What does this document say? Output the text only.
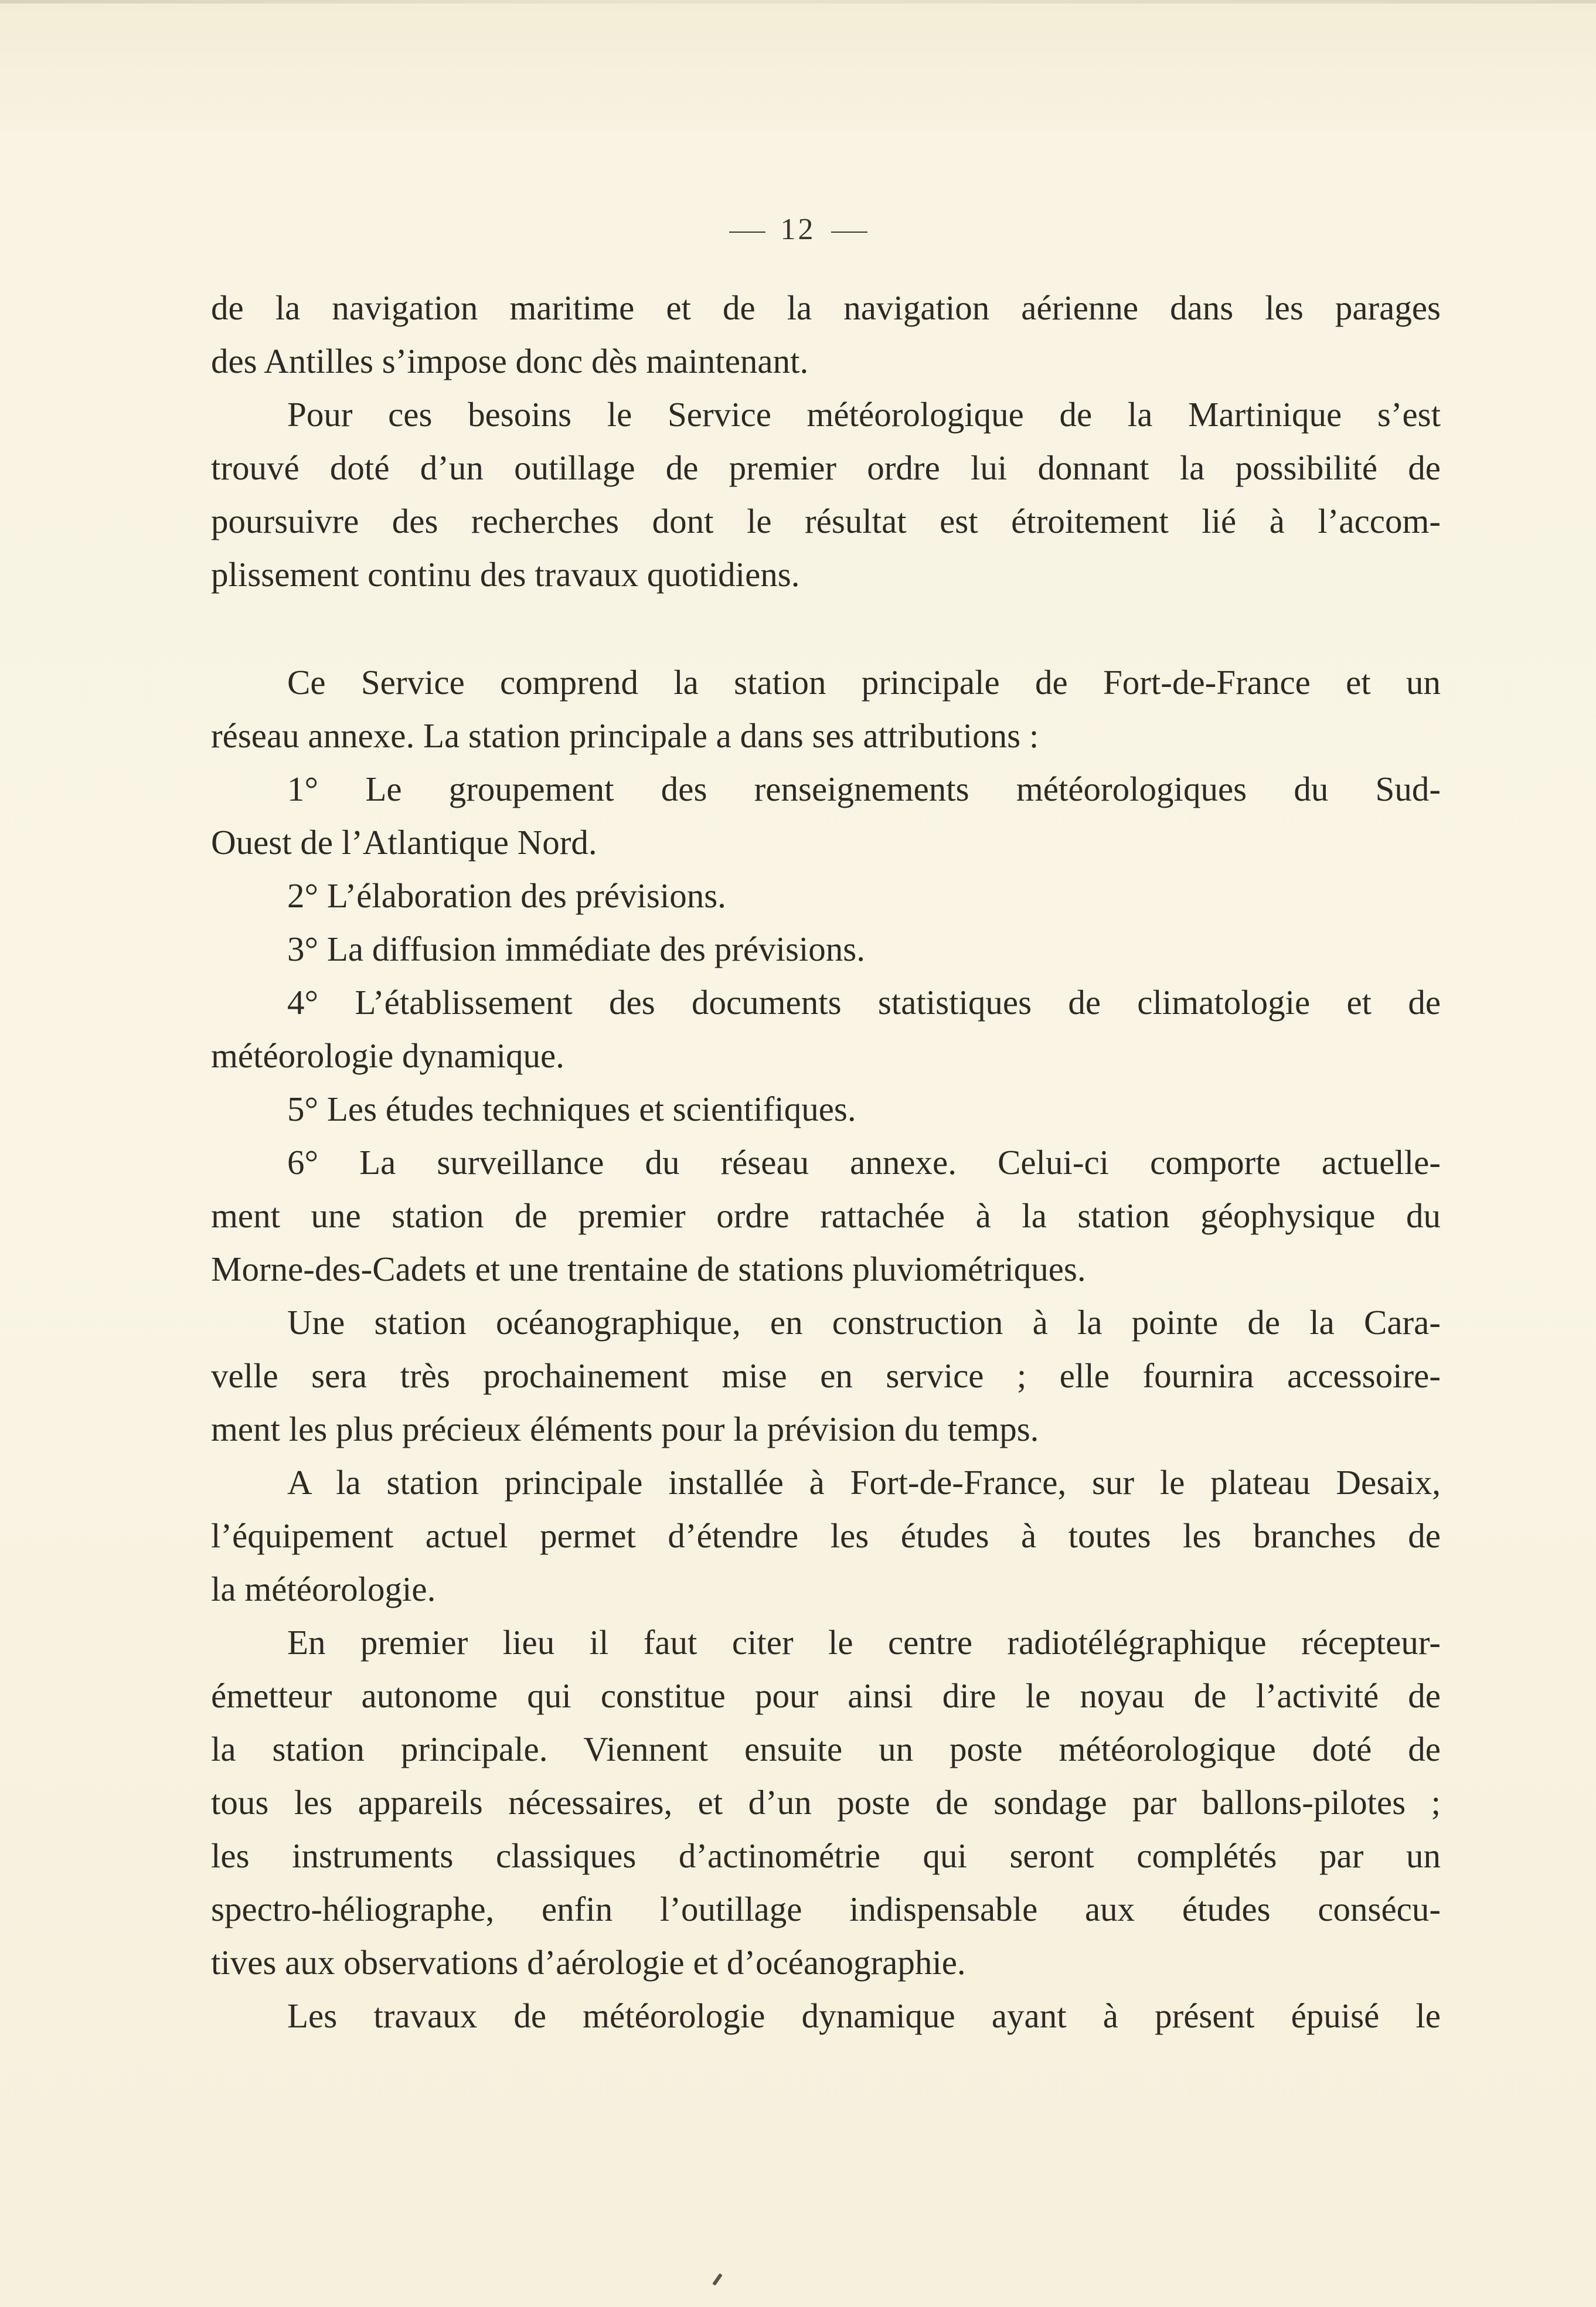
12
de la navigation maritime et de la navigation aérienne dans les parages
des Antilles s’impose donc dès maintenant.
Pour ces besoins le Service météorologique de la Martinique s’est
trouvé doté d’un outillage de premier ordre lui donnant la possibilité de
poursuivre des recherches dont le résultat est étroitement lié à l’accom-
plissement continu des travaux quotidiens.
Ce Service comprend la station principale de Fort-de-France et un
réseau annexe. La station principale a dans ses attributions :
1° Le groupement des renseignements météorologiques du Sud-
Ouest de l’Atlantique Nord.
2° L’élaboration des prévisions.
3° La diffusion immédiate des prévisions.
4° L’établissement des documents statistiques de climatologie et de
météorologie dynamique.
5° Les études techniques et scientifiques.
6° La surveillance du réseau annexe. Celui-ci comporte actuelle-
ment une station de premier ordre rattachée à la station géophysique du
Morne-des-Cadets et une trentaine de stations pluviométriques.
Une station océanographique, en construction à la pointe de la Cara-
velle sera très prochainement mise en service ; elle fournira accessoire-
ment les plus précieux éléments pour la prévision du temps.
A la station principale installée à Fort-de-France, sur le plateau Desaix,
l’équipement actuel permet d’étendre les études à toutes les branches de
la météorologie.
En premier lieu il faut citer le centre radiotélégraphique récepteur-
émetteur autonome qui constitue pour ainsi dire le noyau de l’activité de
la station principale. Viennent ensuite un poste météorologique doté de
tous les appareils nécessaires, et d’un poste de sondage par ballons-pilotes ;
les instruments classiques d’actinométrie qui seront complétés par un
spectro-héliographe, enfin l’outillage indispensable aux études consécu-
tives aux observations d’aérologie et d’océanographie.
Les travaux de météorologie dynamique ayant à présent épuisé le
